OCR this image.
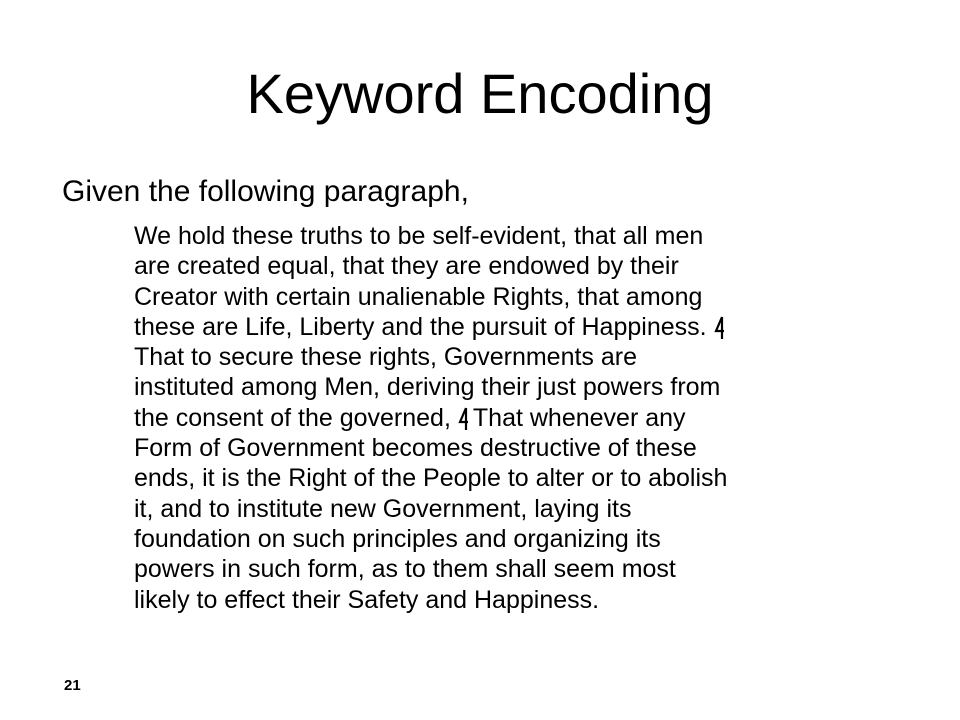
Keyword Encoding
Given the following paragraph,
We hold these truths to be self-evident, that all men
are created equal, that they are endowed by their
Creator with certain unalienable Rights, that among
these are Life, Liberty and the pursuit of Happiness.
That to secure these rights, Governments are
instituted among Men, deriving their just powers from
the consent of the governed, That whenever any
Form of Government becomes destructive of these
ends, it is the Right of the People to alter or to abolish
it, and to institute new Government, laying its
foundation on such principles and organizing its
powers in such form, as to them shall seem most
likely to effect their Safety and Happiness.
21
